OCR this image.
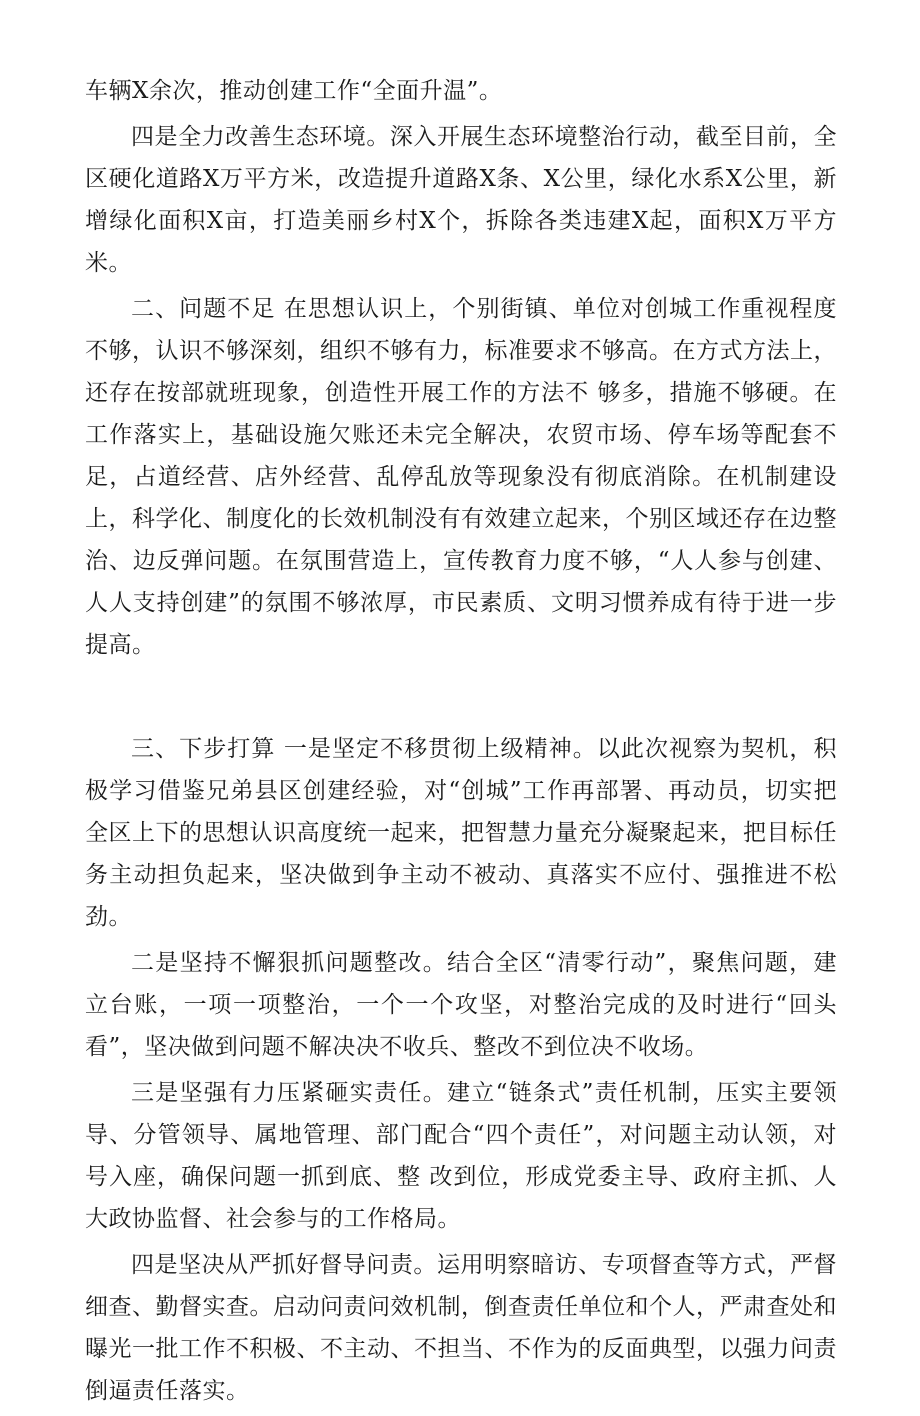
车辆X余次，推动创建工作“全面升温”。

四是全力改善生态环境。深入开展生态环境整治行动，截至目前，全区硬化道路X万平方米，改造提升道路X条、X公里，绿化水系X公里，新增绿化面积X亩，打造美丽乡村X个，拆除各类违建X起，面积X万平方米。

二、问题不足 在思想认识上，个别街镇、单位对创城工作重视程度不够，认识不够深刻，组织不够有力，标准要求不够高。在方式方法上，还存在按部就班现象，创造性开展工作的方法不 够多，措施不够硬。在工作落实上，基础设施欠账还未完全解决，农贸市场、停车场等配套不足，占道经营、店外经营、乱停乱放等现象没有彻底消除。在机制建设上，科学化、制度化的长效机制没有有效建立起来，个别区域还存在边整治、边反弹问题。在氛围营造上，宣传教育力度不够，“人人参与创建、人人支持创建”的氛围不够浓厚，市民素质、文明习惯养成有待于进一步提高。

三、下步打算 一是坚定不移贯彻上级精神。以此次视察为契机，积极学习借鉴兄弟县区创建经验，对“创城”工作再部署、再动员，切实把全区上下的思想认识高度统一起来，把智慧力量充分凝聚起来，把目标任务主动担负起来，坚决做到争主动不被动、真落实不应付、强推进不松劲。

二是坚持不懈狠抓问题整改。结合全区“清零行动”，聚焦问题，建立台账，一项一项整治，一个一个攻坚，对整治完成的及时进行“回头看”，坚决做到问题不解决决不收兵、整改不到位决不收场。

三是坚强有力压紧砸实责任。建立“链条式”责任机制，压实主要领导、分管领导、属地管理、部门配合“四个责任”，对问题主动认领，对号入座，确保问题一抓到底、整 改到位，形成党委主导、政府主抓、人大政协监督、社会参与的工作格局。

四是坚决从严抓好督导问责。运用明察暗访、专项督查等方式，严督细查、勤督实查。启动问责问效机制，倒查责任单位和个人，严肃查处和曝光一批工作不积极、不主动、不担当、不作为的反面典型，以强力问责倒逼责任落实。
